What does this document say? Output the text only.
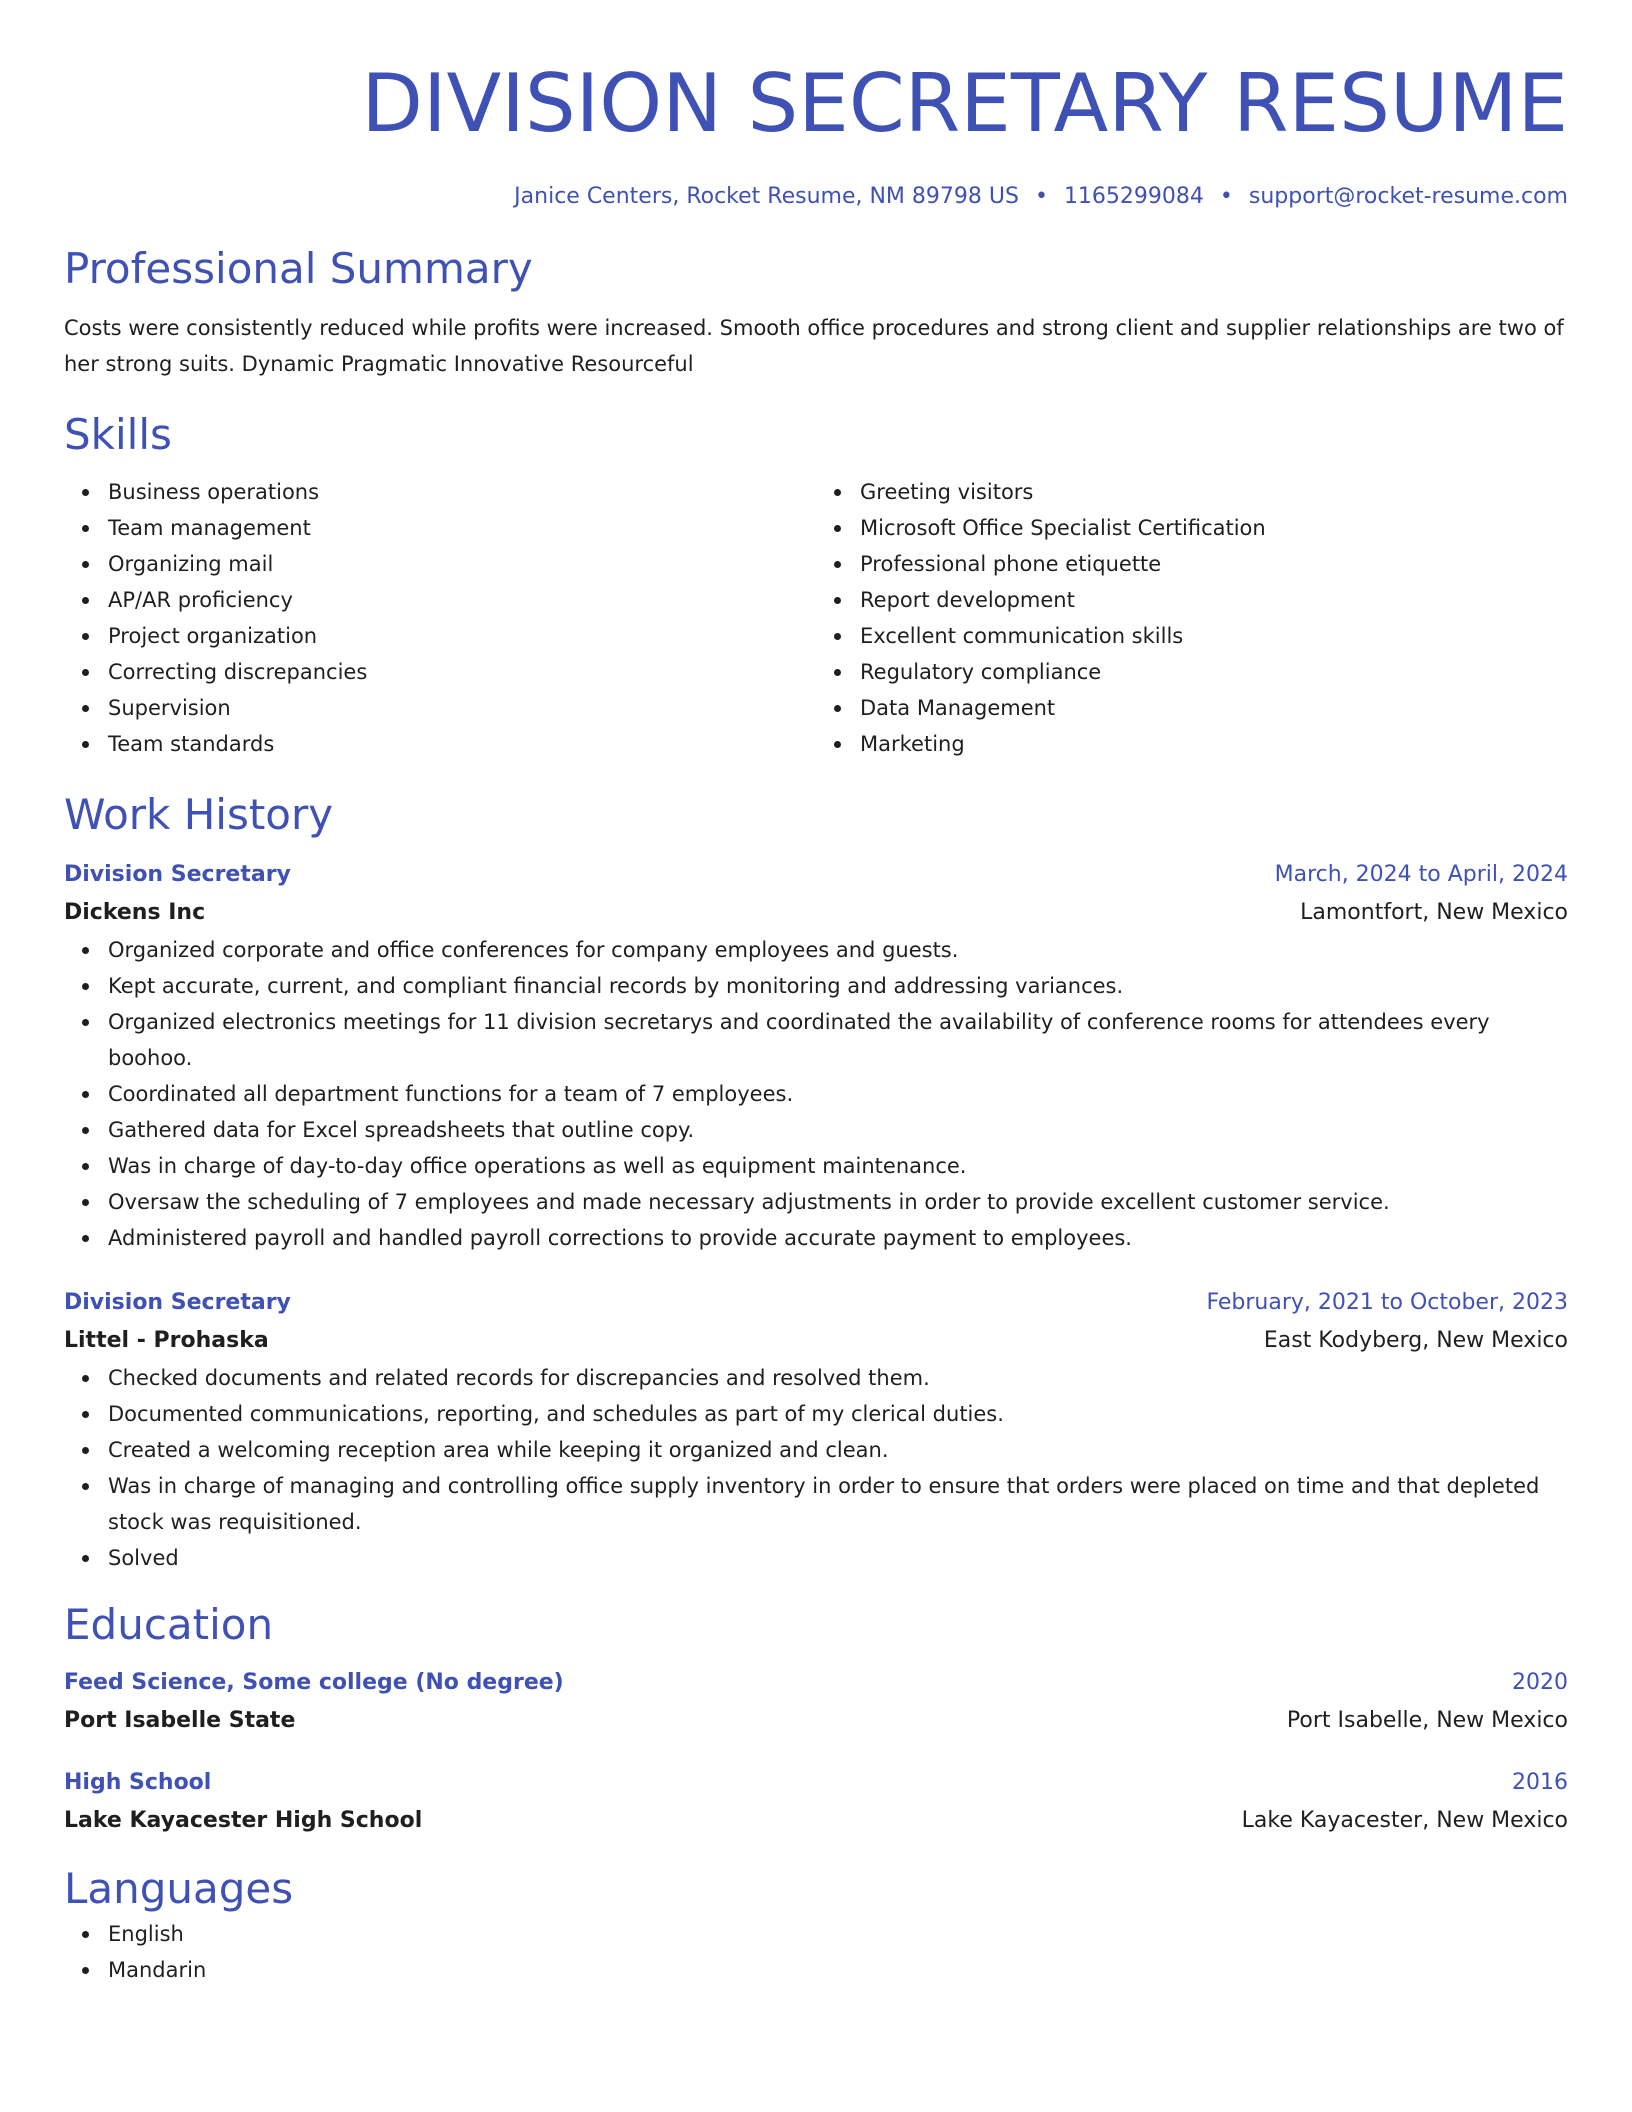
DIVISION SECRETARY RESUME
Janice Centers, Rocket Resume, NM 89798 US • 1165299084 • support@rocket-resume.com
Professional Summary
Costs were consistently reduced while profits were increased. Smooth office procedures and strong client and supplier relationships are two of her strong suits. Dynamic Pragmatic Innovative Resourceful
Skills
Business operations
Team management
Organizing mail
AP/AR proficiency
Project organization
Correcting discrepancies
Supervision
Team standards
Greeting visitors
Microsoft Office Specialist Certification
Professional phone etiquette
Report development
Excellent communication skills
Regulatory compliance
Data Management
Marketing
Work History
Division Secretary	March, 2024 to April, 2024
Dickens Inc	Lamontfort, New Mexico
Organized corporate and office conferences for company employees and guests.
Kept accurate, current, and compliant financial records by monitoring and addressing variances.
Organized electronics meetings for 11 division secretarys and coordinated the availability of conference rooms for attendees every boohoo.
Coordinated all department functions for a team of 7 employees.
Gathered data for Excel spreadsheets that outline copy.
Was in charge of day-to-day office operations as well as equipment maintenance.
Oversaw the scheduling of 7 employees and made necessary adjustments in order to provide excellent customer service.
Administered payroll and handled payroll corrections to provide accurate payment to employees.
Division Secretary	February, 2021 to October, 2023
Littel - Prohaska	East Kodyberg, New Mexico
Checked documents and related records for discrepancies and resolved them.
Documented communications, reporting, and schedules as part of my clerical duties.
Created a welcoming reception area while keeping it organized and clean.
Was in charge of managing and controlling office supply inventory in order to ensure that orders were placed on time and that depleted stock was requisitioned.
Solved
Education
Feed Science, Some college (No degree)	2020
Port Isabelle State	Port Isabelle, New Mexico
High School	2016
Lake Kayacester High School	Lake Kayacester, New Mexico
Languages
English
Mandarin
